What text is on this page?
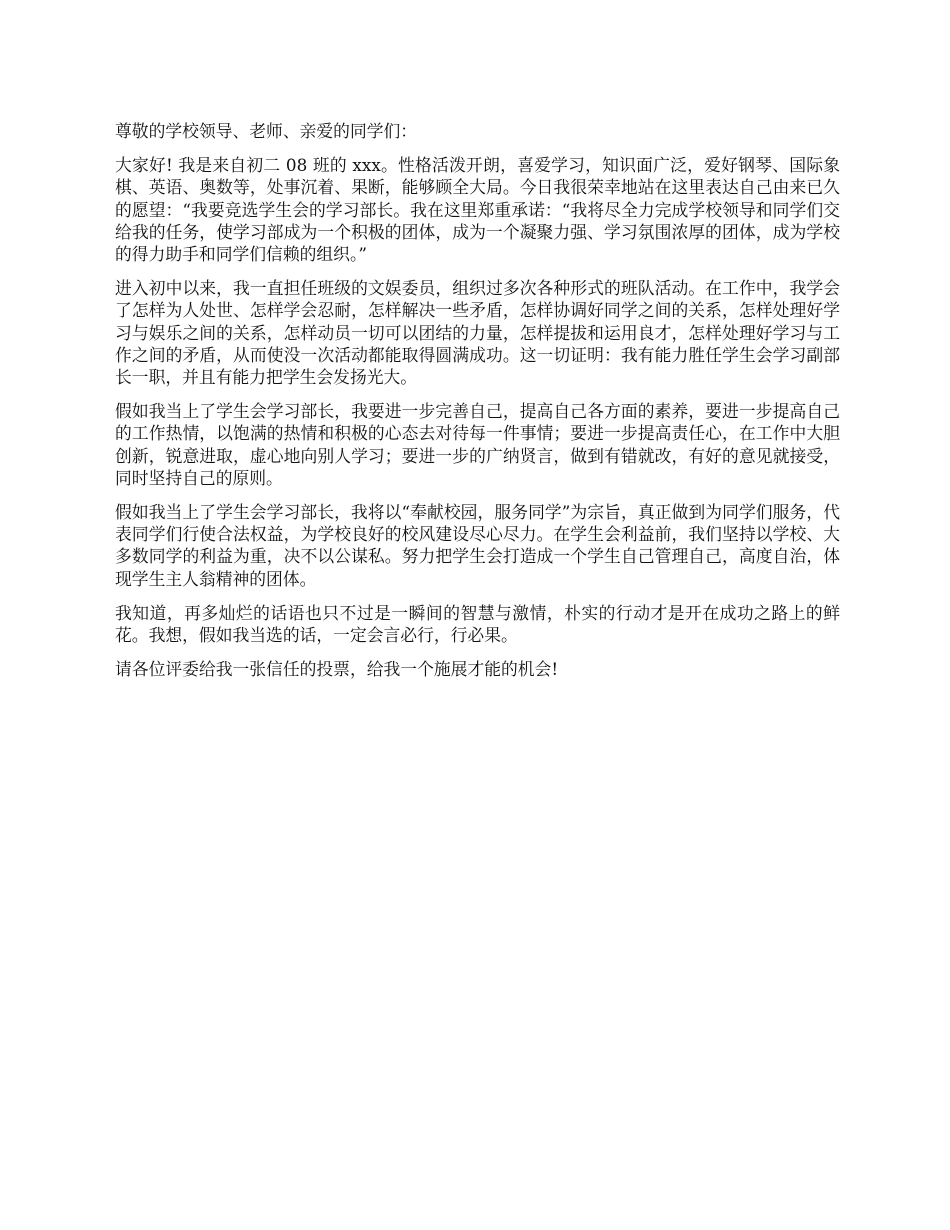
尊敬的学校领导、老师、亲爱的同学们：

大家好! 我是来自初二 08 班的 xxx。性格活泼开朗，喜爱学习，知识面广泛，爱好钢琴、国际象棋、英语、奥数等，处事沉着、果断，能够顾全大局。今日我很荣幸地站在这里表达自己由来已久的愿望：“我要竞选学生会的学习部长。我在这里郑重承诺：“我将尽全力完成学校领导和同学们交给我的任务，使学习部成为一个积极的团体，成为一个凝聚力强、学习氛围浓厚的团体，成为学校的得力助手和同学们信赖的组织。”

进入初中以来，我一直担任班级的文娱委员，组织过多次各种形式的班队活动。在工作中，我学会了怎样为人处世、怎样学会忍耐，怎样解决一些矛盾，怎样协调好同学之间的关系，怎样处理好学习与娱乐之间的关系，怎样动员一切可以团结的力量，怎样提拔和运用良才，怎样处理好学习与工作之间的矛盾，从而使没一次活动都能取得圆满成功。这一切证明：我有能力胜任学生会学习副部长一职，并且有能力把学生会发扬光大。

假如我当上了学生会学习部长，我要进一步完善自己，提高自己各方面的素养，要进一步提高自己的工作热情，以饱满的热情和积极的心态去对待每一件事情；要进一步提高责任心，在工作中大胆创新，锐意进取，虚心地向别人学习；要进一步的广纳贤言，做到有错就改，有好的意见就接受，同时坚持自己的原则。

假如我当上了学生会学习部长，我将以“奉献校园，服务同学”为宗旨，真正做到为同学们服务，代表同学们行使合法权益，为学校良好的校风建设尽心尽力。在学生会利益前，我们坚持以学校、大多数同学的利益为重，决不以公谋私。努力把学生会打造成一个学生自己管理自己，高度自治，体现学生主人翁精神的团体。

我知道，再多灿烂的话语也只不过是一瞬间的智慧与激情，朴实的行动才是开在成功之路上的鲜花。我想，假如我当选的话，一定会言必行，行必果。

请各位评委给我一张信任的投票，给我一个施展才能的机会!
